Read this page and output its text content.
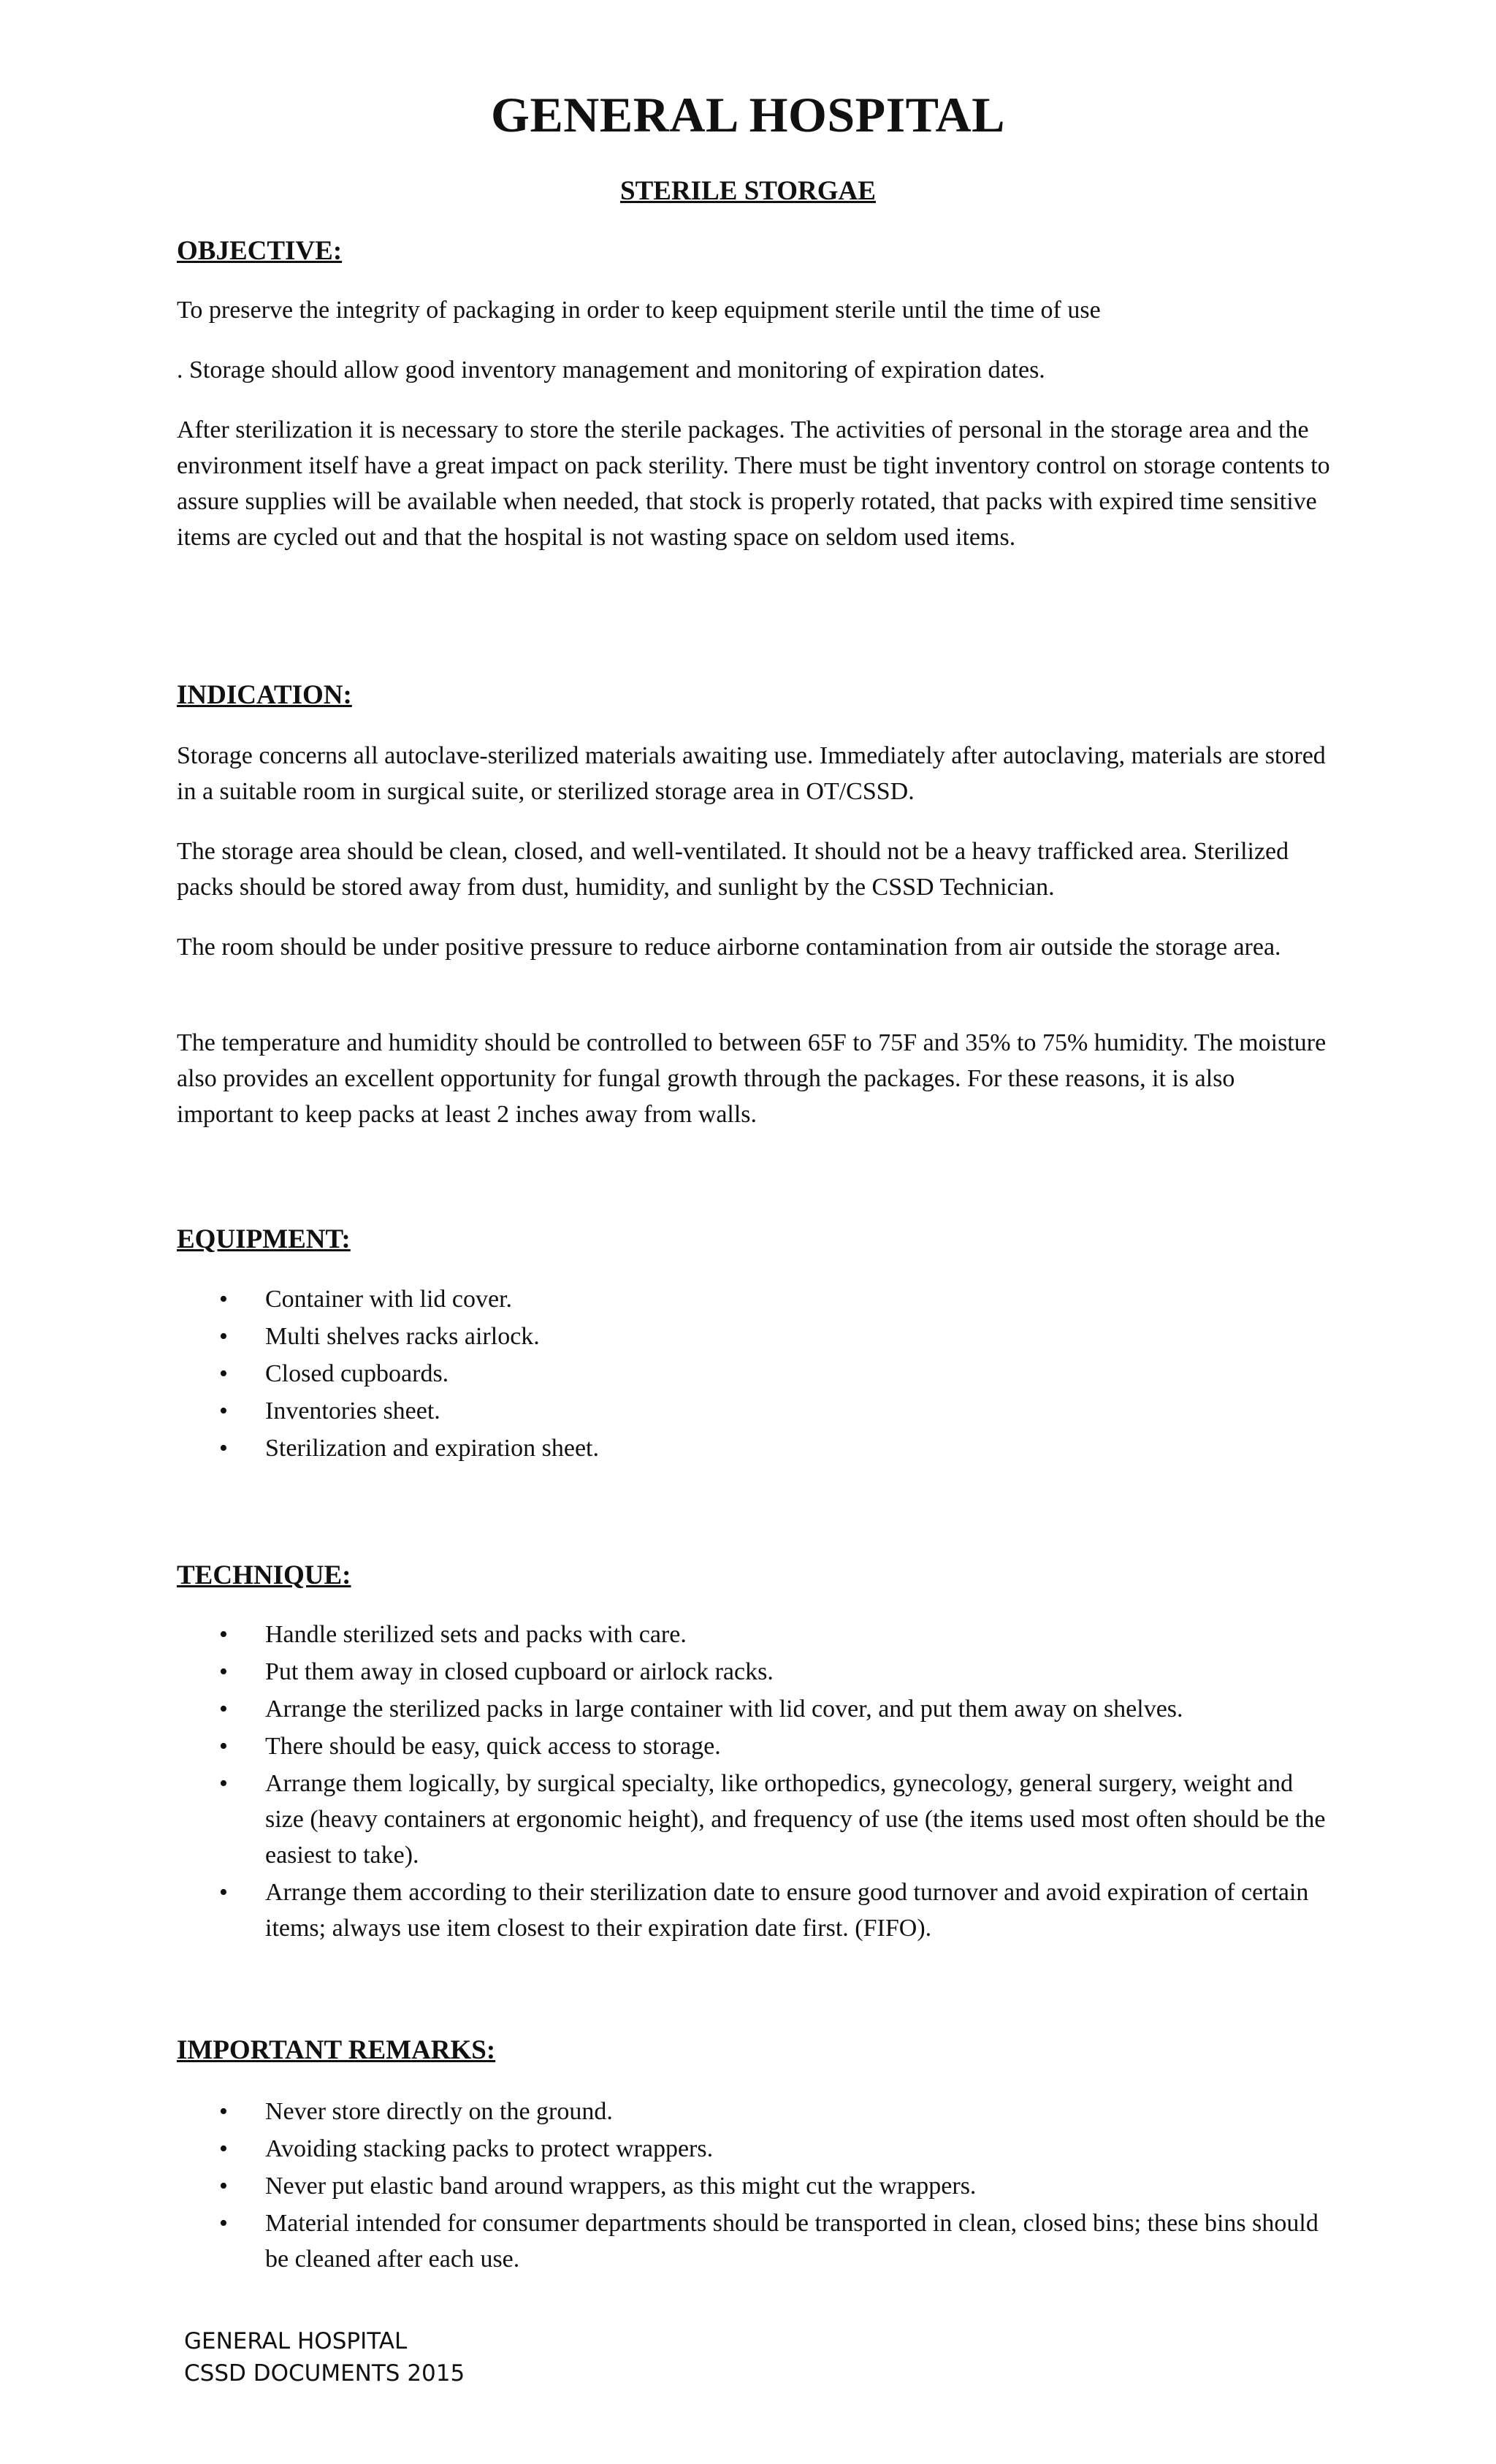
GENERAL HOSPITAL
STERILE STORGAE
OBJECTIVE:

To preserve the integrity of packaging in order to keep equipment sterile until the time of use

. Storage should allow good inventory management and monitoring of expiration dates.

After sterilization it is necessary to store the sterile packages. The activities of personal in the storage area and the environment itself have a great impact on pack sterility. There must be tight inventory control on storage contents to assure supplies will be available when needed, that stock is properly rotated, that packs with expired time sensitive items are cycled out and that the hospital is not wasting space on seldom used items.

INDICATION:

Storage concerns all autoclave-sterilized materials awaiting use. Immediately after autoclaving, materials are stored in a suitable room in surgical suite, or sterilized storage area in OT/CSSD.

The storage area should be clean, closed, and well-ventilated. It should not be a heavy trafficked area. Sterilized packs should be stored away from dust, humidity, and sunlight by the CSSD Technician.

The room should be under positive pressure to reduce airborne contamination from air outside the storage area.

The temperature and humidity should be controlled to between 65F to 75F and 35% to 75% humidity. The moisture also provides an excellent opportunity for fungal growth through the packages. For these reasons, it is also important to keep packs at least 2 inches away from walls.

EQUIPMENT:
• Container with lid cover.
• Multi shelves racks airlock.
• Closed cupboards.
• Inventories sheet.
• Sterilization and expiration sheet.
TECHNIQUE:
• Handle sterilized sets and packs with care.
• Put them away in closed cupboard or airlock racks.
• Arrange the sterilized packs in large container with lid cover, and put them away on shelves.
• There should be easy, quick access to storage.
• Arrange them logically, by surgical specialty, like orthopedics, gynecology, general surgery, weight and size (heavy containers at ergonomic height), and frequency of use (the items used most often should be the easiest to take).
• Arrange them according to their sterilization date to ensure good turnover and avoid expiration of certain items; always use item closest to their expiration date first. (FIFO).
IMPORTANT REMARKS:
• Never store directly on the ground.
• Avoiding stacking packs to protect wrappers.
• Never put elastic band around wrappers, as this might cut the wrappers.
• Material intended for consumer departments should be transported in clean, closed bins; these bins should be cleaned after each use.
GENERAL HOSPITAL
CSSD DOCUMENTS 2015
